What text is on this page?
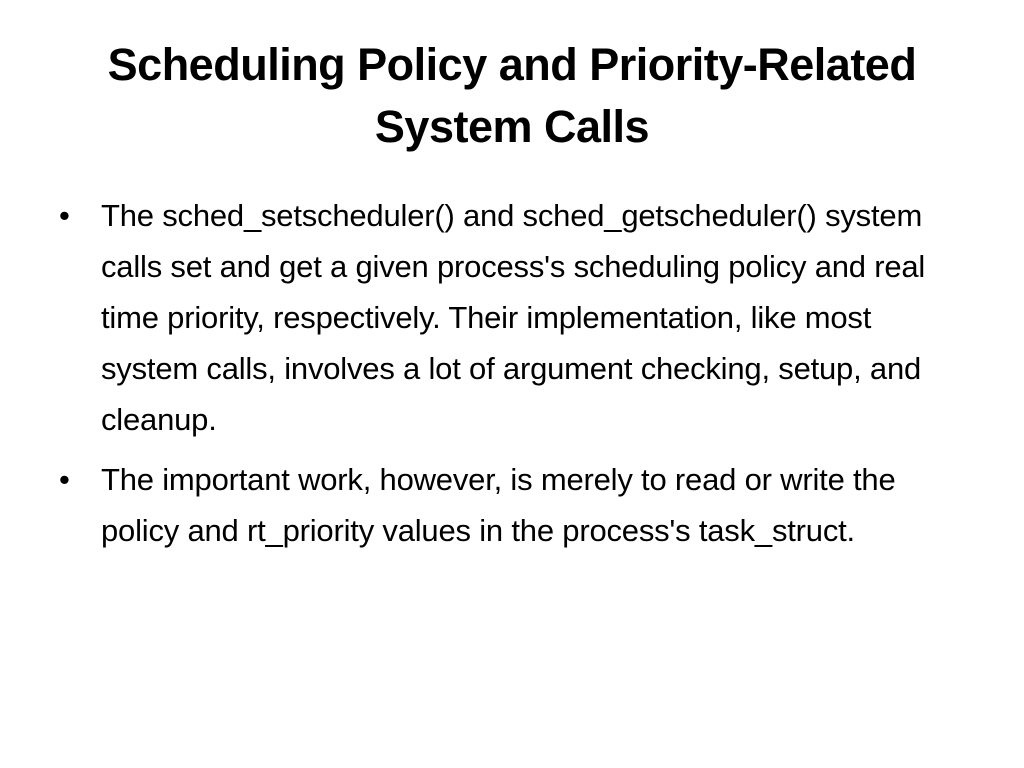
Scheduling Policy and Priority-Related System Calls
• The sched_setscheduler() and sched_getscheduler() system calls set and get a given process's scheduling policy and real time priority, respectively. Their implementation, like most system calls, involves a lot of argument checking, setup, and cleanup.
• The important work, however, is merely to read or write the policy and rt_priority values in the process's task_struct.
